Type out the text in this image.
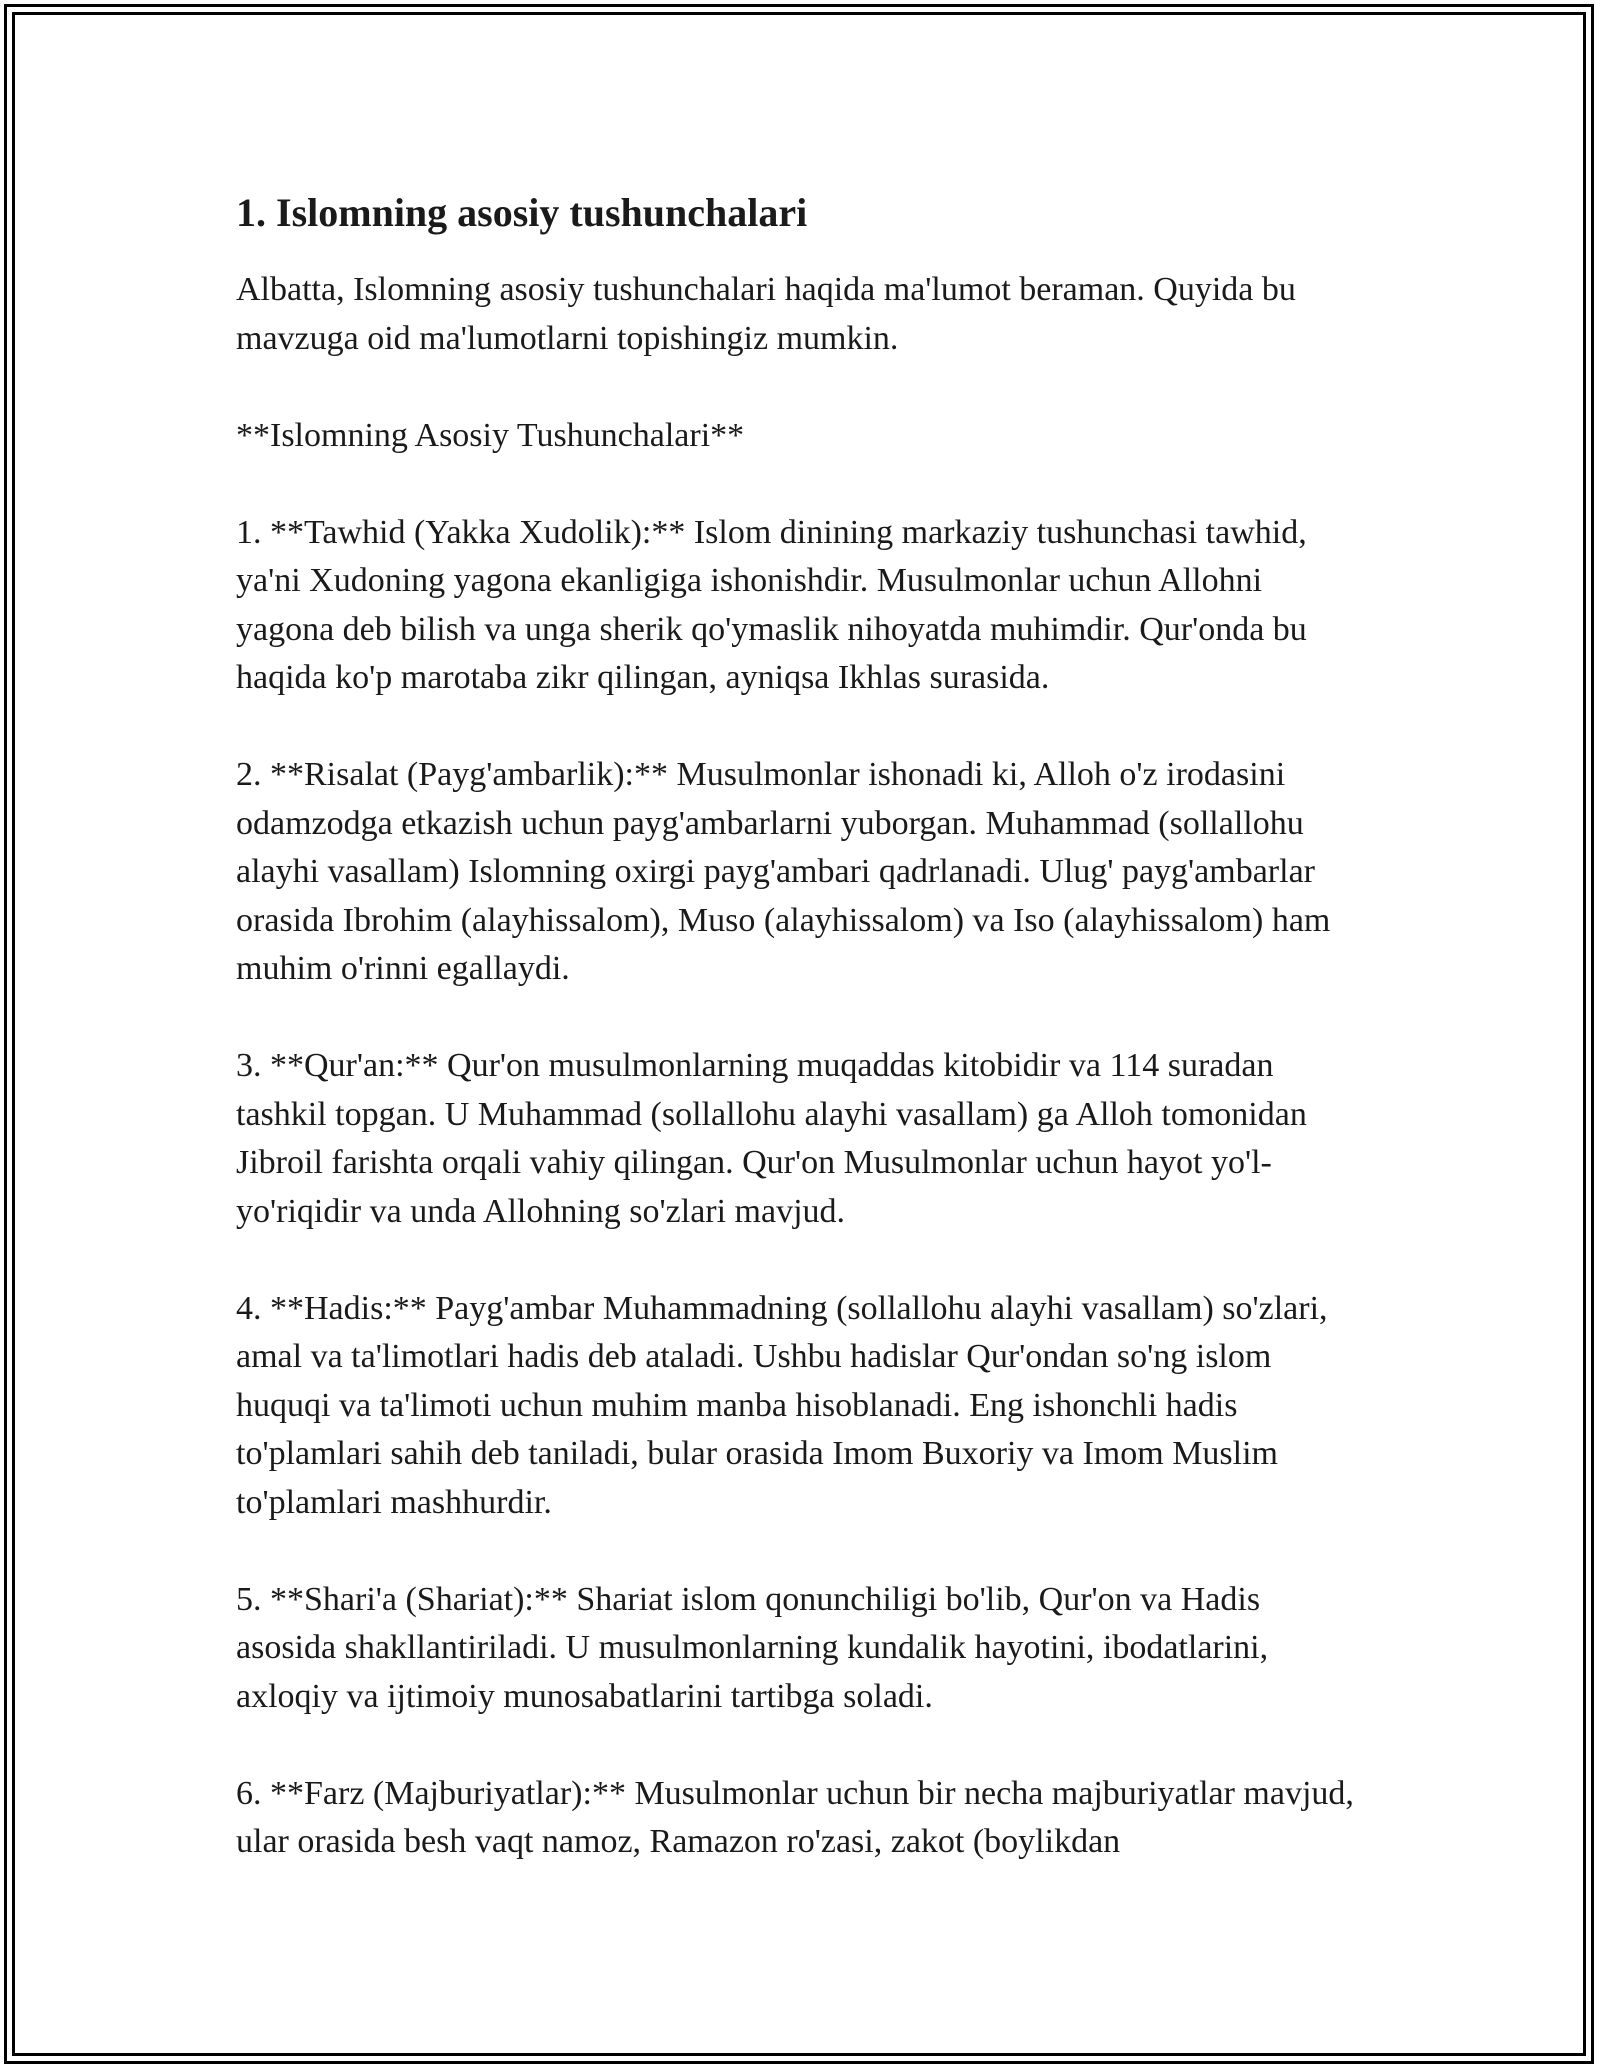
1. Islomning asosiy tushunchalari

Albatta, Islomning asosiy tushunchalari haqida ma'lumot beraman. Quyida bu mavzuga oid ma'lumotlarni topishingiz mumkin.

**Islomning Asosiy Tushunchalari**

1. **Tawhid (Yakka Xudolik):** Islom dinining markaziy tushunchasi tawhid, ya'ni Xudoning yagona ekanligiga ishonishdir. Musulmonlar uchun Allohni yagona deb bilish va unga sherik qo'ymaslik nihoyatda muhimdir. Qur'onda bu haqida ko'p marotaba zikr qilingan, ayniqsa Ikhlas surasida.

2. **Risalat (Payg'ambarlik):** Musulmonlar ishonadi ki, Alloh o'z irodasini odamzodga etkazish uchun payg'ambarlarni yuborgan. Muhammad (sollallohu alayhi vasallam) Islomning oxirgi payg'ambari qadrlanadi. Ulug' payg'ambarlar orasida Ibrohim (alayhissalom), Muso (alayhissalom) va Iso (alayhissalom) ham muhim o'rinni egallaydi.

3. **Qur'an:** Qur'on musulmonlarning muqaddas kitobidir va 114 suradan tashkil topgan. U Muhammad (sollallohu alayhi vasallam) ga Alloh tomonidan Jibroil farishta orqali vahiy qilingan. Qur'on Musulmonlar uchun hayot yo'l-yo'riqidir va unda Allohning so'zlari mavjud.

4. **Hadis:** Payg'ambar Muhammadning (sollallohu alayhi vasallam) so'zlari, amal va ta'limotlari hadis deb ataladi. Ushbu hadislar Qur'ondan so'ng islom huquqi va ta'limoti uchun muhim manba hisoblanadi. Eng ishonchli hadis to'plamlari sahih deb taniladi, bular orasida Imom Buxoriy va Imom Muslim to'plamlari mashhurdir.

5. **Shari'a (Shariat):** Shariat islom qonunchiligi bo'lib, Qur'on va Hadis asosida shakllantiriladi. U musulmonlarning kundalik hayotini, ibodatlarini, axloqiy va ijtimoiy munosabatlarini tartibga soladi.

6. **Farz (Majburiyatlar):** Musulmonlar uchun bir necha majburiyatlar mavjud, ular orasida besh vaqt namoz, Ramazon ro'zasi, zakot (boylikdan
